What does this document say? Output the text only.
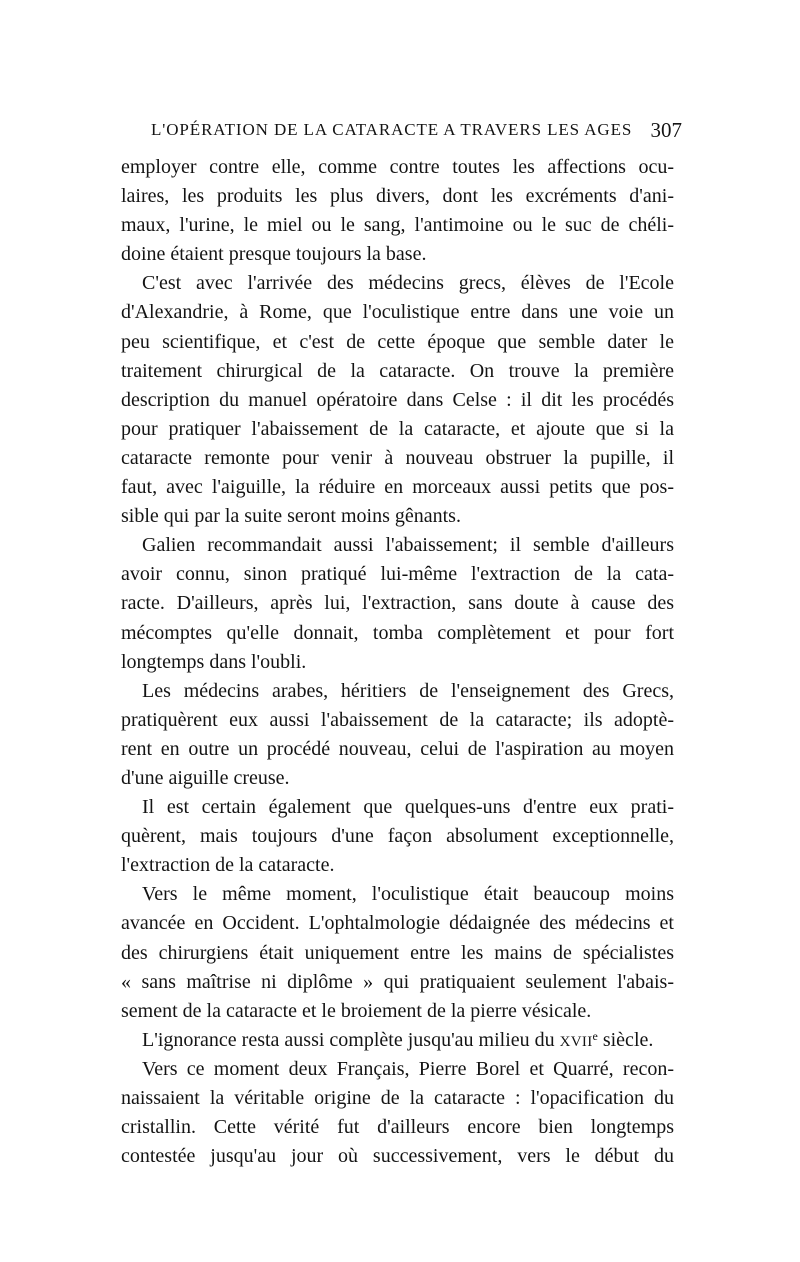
L'OPÉRATION DE LA CATARACTE A TRAVERS LES AGES 307
employer contre elle, comme contre toutes les affections ocu-
laires, les produits les plus divers, dont les excréments d'ani-
maux, l'urine, le miel ou le sang, l'antimoine ou le suc de chéli-
doine étaient presque toujours la base.
C'est avec l'arrivée des médecins grecs, élèves de l'Ecole
d'Alexandrie, à Rome, que l'oculistique entre dans une voie un
peu scientifique, et c'est de cette époque que semble dater le
traitement chirurgical de la cataracte. On trouve la première
description du manuel opératoire dans Celse : il dit les procédés
pour pratiquer l'abaissement de la cataracte, et ajoute que si la
cataracte remonte pour venir à nouveau obstruer la pupille, il
faut, avec l'aiguille, la réduire en morceaux aussi petits que pos-
sible qui par la suite seront moins gênants.
Galien recommandait aussi l'abaissement; il semble d'ailleurs
avoir connu, sinon pratiqué lui-même l'extraction de la cata-
racte. D'ailleurs, après lui, l'extraction, sans doute à cause des
mécomptes qu'elle donnait, tomba complètement et pour fort
longtemps dans l'oubli.
Les médecins arabes, héritiers de l'enseignement des Grecs,
pratiquèrent eux aussi l'abaissement de la cataracte; ils adoptè-
rent en outre un procédé nouveau, celui de l'aspiration au moyen
d'une aiguille creuse.
Il est certain également que quelques-uns d'entre eux prati-
quèrent, mais toujours d'une façon absolument exceptionnelle,
l'extraction de la cataracte.
Vers le même moment, l'oculistique était beaucoup moins
avancée en Occident. L'ophtalmologie dédaignée des médecins et
des chirurgiens était uniquement entre les mains de spécialistes
« sans maîtrise ni diplôme » qui pratiquaient seulement l'abais-
sement de la cataracte et le broiement de la pierre vésicale.
L'ignorance resta aussi complète jusqu'au milieu du XVIIe siècle.
Vers ce moment deux Français, Pierre Borel et Quarré, recon-
naissaient la véritable origine de la cataracte : l'opacification du
cristallin. Cette vérité fut d'ailleurs encore bien longtemps
contestée jusqu'au jour où successivement, vers le début du
